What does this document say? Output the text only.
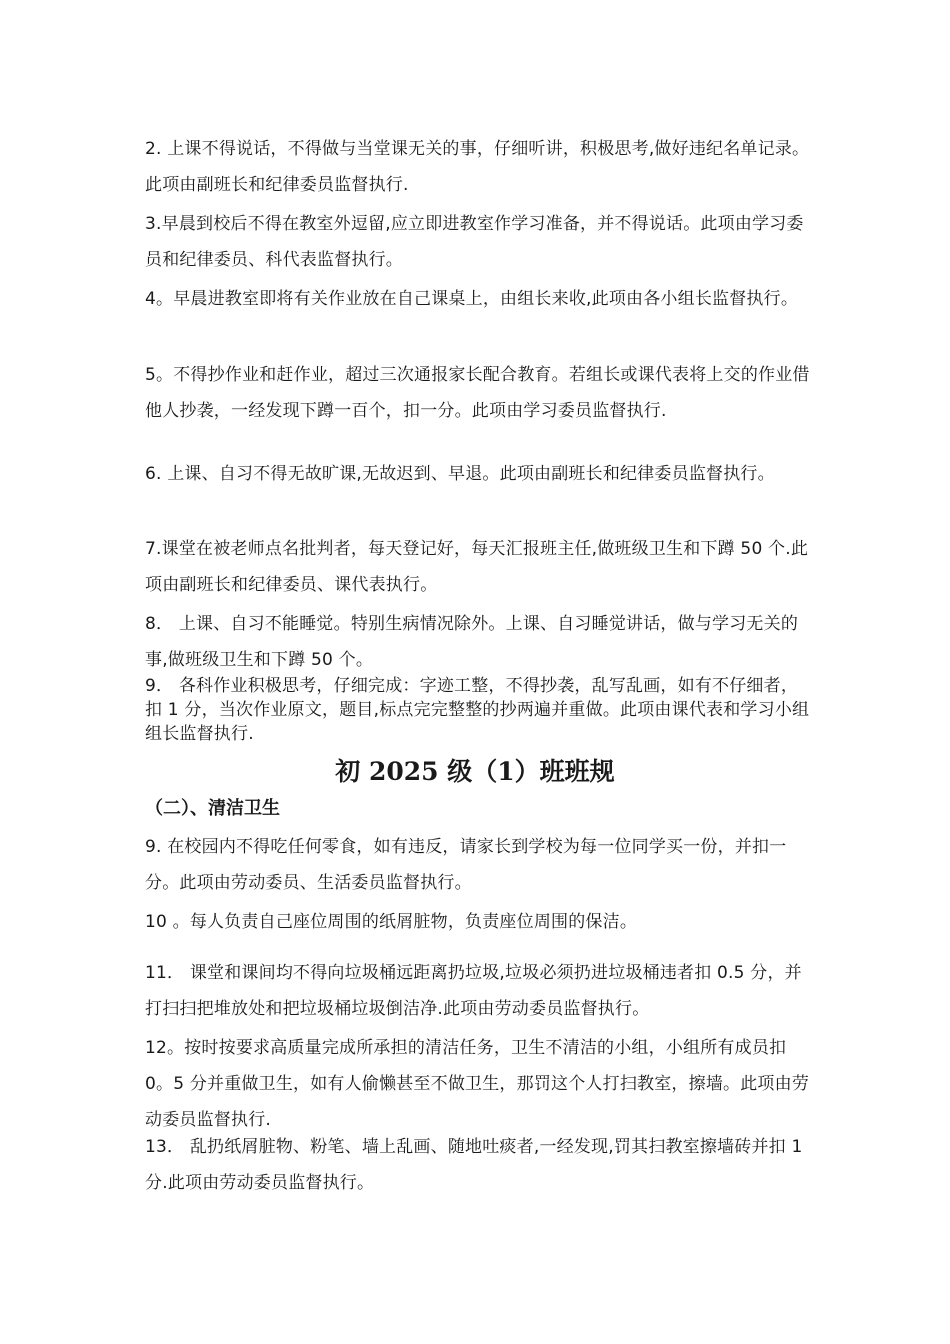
2. 上课不得说话，不得做与当堂课无关的事，仔细听讲，积极思考,做好违纪名单记录。此项由副班长和纪律委员监督执行.
3.早晨到校后不得在教室外逗留,应立即进教室作学习准备，并不得说话。此项由学习委员和纪律委员、科代表监督执行。
4。早晨进教室即将有关作业放在自己课桌上，由组长来收,此项由各小组长监督执行。
5。不得抄作业和赶作业，超过三次通报家长配合教育。若组长或课代表将上交的作业借他人抄袭，一经发现下蹲一百个，扣一分。此项由学习委员监督执行.
6. 上课、自习不得无故旷课,无故迟到、早退。此项由副班长和纪律委员监督执行。
7.课堂在被老师点名批判者，每天登记好，每天汇报班主任,做班级卫生和下蹲 50 个.此项由副班长和纪律委员、课代表执行。
8． 上课、自习不能睡觉。特别生病情况除外。上课、自习睡觉讲话，做与学习无关的事,做班级卫生和下蹲 50 个。
9． 各科作业积极思考，仔细完成：字迹工整，不得抄袭，乱写乱画，如有不仔细者，扣 1 分，当次作业原文，题目,标点完完整整的抄两遍并重做。此项由课代表和学习小组组长监督执行.
初 2025 级（1）班班规
（二）、清洁卫生
9. 在校园内不得吃任何零食，如有违反，请家长到学校为每一位同学买一份，并扣一分。此项由劳动委员、生活委员监督执行。
10 。每人负责自己座位周围的纸屑脏物，负责座位周围的保洁。
11． 课堂和课间均不得向垃圾桶远距离扔垃圾,垃圾必须扔进垃圾桶违者扣 0.5 分，并打扫扫把堆放处和把垃圾桶垃圾倒洁净.此项由劳动委员监督执行。
12。按时按要求高质量完成所承担的清洁任务，卫生不清洁的小组，小组所有成员扣 0。5 分并重做卫生，如有人偷懒甚至不做卫生，那罚这个人打扫教室，擦墙。此项由劳动委员监督执行.
13． 乱扔纸屑脏物、粉笔、墙上乱画、随地吐痰者,一经发现,罚其扫教室擦墙砖并扣 1 分.此项由劳动委员监督执行。
